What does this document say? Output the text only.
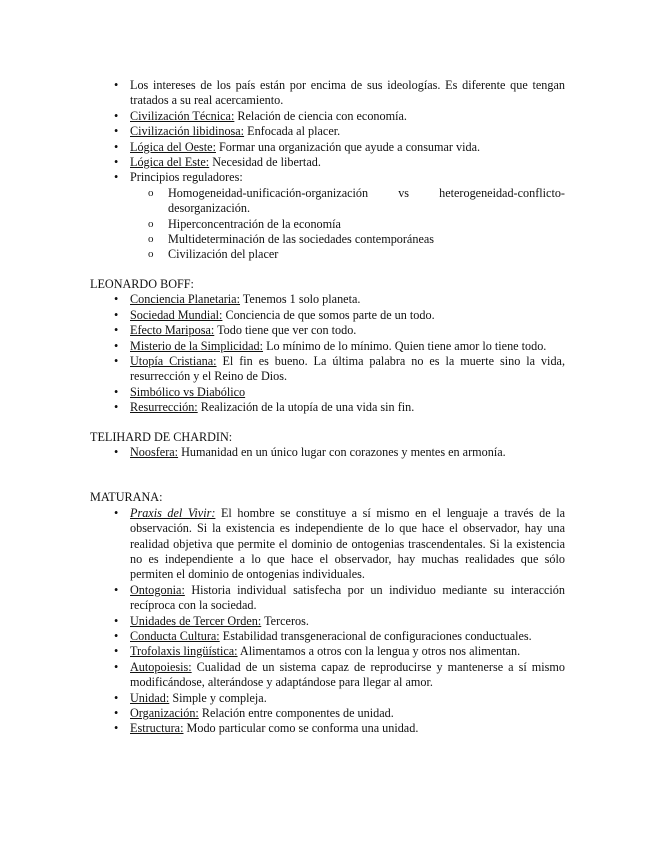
• Los intereses de los país están por encima de sus ideologías. Es diferente que tengan tratados a su real acercamiento.
• Civilización Técnica: Relación de ciencia con economía.
• Civilización libidinosa: Enfocada al placer.
• Lógica del Oeste: Formar una organización que ayude a consumar vida.
• Lógica del Este: Necesidad de libertad.
• Principios reguladores:
o Homogeneidad-unificación-organización vs heterogeneidad-conflicto-desorganización.
o Hiperconcentración de la economía
o Multideterminación de las sociedades contemporáneas
o Civilización del placer

LEONARDO BOFF:

• Conciencia Planetaria: Tenemos 1 solo planeta.
• Sociedad Mundial: Conciencia de que somos parte de un todo.
• Efecto Mariposa: Todo tiene que ver con todo.
• Misterio de la Simplicidad: Lo mínimo de lo mínimo. Quien tiene amor lo tiene todo.
• Utopía Cristiana: El fin es bueno. La última palabra no es la muerte sino la vida, resurrección y el Reino de Dios.
• Simbólico vs Diabólico
• Resurrección: Realización de la utopía de una vida sin fin.

TELIHARD DE CHARDIN:

• Noosfera: Humanidad en un único lugar con corazones y mentes en armonía.

MATURANA:

• Praxis del Vivir: El hombre se constituye a sí mismo en el lenguaje a través de la observación. Si la existencia es independiente de lo que hace el observador, hay una realidad objetiva que permite el dominio de ontogenias trascendentales. Si la existencia no es independiente a lo que hace el observador, hay muchas realidades que sólo permiten el dominio de ontogenias individuales.
• Ontogonia: Historia individual satisfecha por un individuo mediante su interacción recíproca con la sociedad.
• Unidades de Tercer Orden: Terceros.
• Conducta Cultura: Estabilidad transgeneracional de configuraciones conductuales.
• Trofolaxis lingüística: Alimentamos a otros con la lengua y otros nos alimentan.
• Autopoiesis: Cualidad de un sistema capaz de reproducirse y mantenerse a sí mismo modificándose, alterándose y adaptándose para llegar al amor.
• Unidad: Simple y compleja.
• Organización: Relación entre componentes de unidad.
• Estructura: Modo particular como se conforma una unidad.
